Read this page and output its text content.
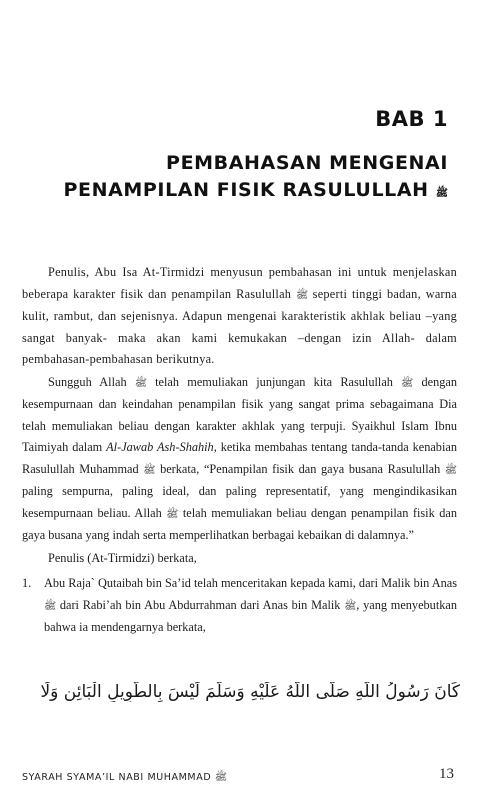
BAB 1
PEMBAHASAN MENGENAI
PENAMPILAN FISIK RASULULLAH ﷺ

Penulis, Abu Isa At-Tirmidzi menyusun pembahasan ini untuk menjelaskan beberapa karakter fisik dan penampilan Rasulullah ﷺ seperti tinggi badan, warna kulit, rambut, dan sejenisnya. Adapun mengenai karakteristik akhlak beliau –yang sangat banyak- maka akan kami kemukakan –dengan izin Allah- dalam pembahasan-pembahasan berikutnya.

Sungguh Allah ﷺ telah memuliakan junjungan kita Rasulullah ﷺ dengan kesempurnaan dan keindahan penampilan fisik yang sangat prima sebagaimana Dia telah memuliakan beliau dengan karakter akhlak yang terpuji. Syaikhul Islam Ibnu Taimiyah dalam Al-Jawab Ash-Shahih, ketika membahas tentang tanda-tanda kenabian Rasulullah Muhammad ﷺ berkata, “Penampilan fisik dan gaya busana Rasulullah ﷺ paling sempurna, paling ideal, dan paling representatif, yang mengindikasikan kesempurnaan beliau. Allah ﷺ telah memuliakan beliau dengan penampilan fisik dan gaya busana yang indah serta memperlihatkan berbagai kebaikan di dalamnya.”

Penulis (At-Tirmidzi) berkata,

1. Abu Raja` Qutaibah bin Sa’id telah menceritakan kepada kami, dari Malik bin Anas ﷺ dari Rabi’ah bin Abu Abdurrahman dari Anas bin Malik ﷺ, yang menyebutkan bahwa ia mendengarnya berkata,
كَانَ رَسُولُ اللَّهِ صَلَّى اللَّهُ عَلَيْهِ وَسَلَّمَ لَيْسَ بِالطَّوِيلِ الْبَائِنِ وَلَا
SYARAH SYAMA’IL NABI MUHAMMAD ﷺ	13
